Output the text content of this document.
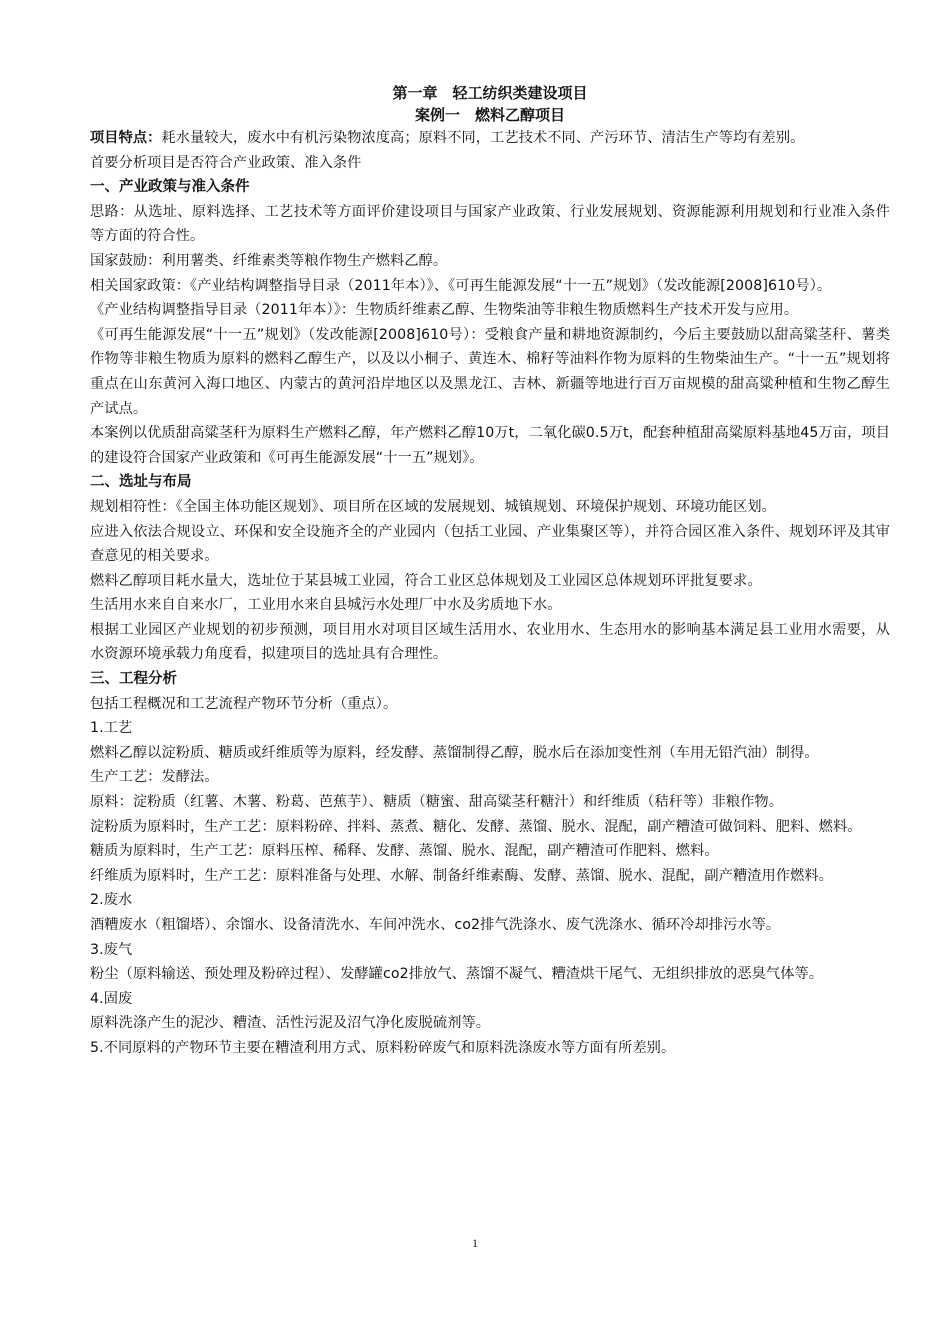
第一章　轻工纺织类建设项目
案例一　燃料乙醇项目

项目特点：耗水量较大，废水中有机污染物浓度高；原料不同，工艺技术不同、产污环节、清洁生产等均有差别。

首要分析项目是否符合产业政策、准入条件

一、产业政策与准入条件

思路：从选址、原料选择、工艺技术等方面评价建设项目与国家产业政策、行业发展规划、资源能源利用规划和行业准入条件等方面的符合性。

国家鼓励：利用薯类、纤维素类等粮作物生产燃料乙醇。

相关国家政策：《产业结构调整指导目录（2011年本）》、《可再生能源发展“十一五”规划》（发改能源[2008]610号）。

《产业结构调整指导目录（2011年本）》：生物质纤维素乙醇、生物柴油等非粮生物质燃料生产技术开发与应用。

《可再生能源发展“十一五”规划》（发改能源[2008]610号）：受粮食产量和耕地资源制约，今后主要鼓励以甜高粱茎秆、薯类作物等非粮生物质为原料的燃料乙醇生产，以及以小桐子、黄连木、棉籽等油料作物为原料的生物柴油生产。“十一五”规划将重点在山东黄河入海口地区、内蒙古的黄河沿岸地区以及黑龙江、吉林、新疆等地进行百万亩规模的甜高粱种植和生物乙醇生产试点。

本案例以优质甜高粱茎秆为原料生产燃料乙醇，年产燃料乙醇10万t，二氧化碳0.5万t，配套种植甜高粱原料基地45万亩，项目的建设符合国家产业政策和《可再生能源发展“十一五”规划》。

二、选址与布局

规划相符性：《全国主体功能区规划》、项目所在区域的发展规划、城镇规划、环境保护规划、环境功能区划。

应进入依法合规设立、环保和安全设施齐全的产业园内（包括工业园、产业集聚区等），并符合园区准入条件、规划环评及其审查意见的相关要求。

燃料乙醇项目耗水量大，选址位于某县城工业园，符合工业区总体规划及工业园区总体规划环评批复要求。

生活用水来自自来水厂，工业用水来自县城污水处理厂中水及劣质地下水。

根据工业园区产业规划的初步预测，项目用水对项目区域生活用水、农业用水、生态用水的影响基本满足县工业用水需要，从水资源环境承载力角度看，拟建项目的选址具有合理性。

三、工程分析

包括工程概况和工艺流程产物环节分析（重点）。

1.工艺

燃料乙醇以淀粉质、糖质或纤维质等为原料，经发酵、蒸馏制得乙醇，脱水后在添加变性剂（车用无铅汽油）制得。

生产工艺：发酵法。

原料：淀粉质（红薯、木薯、粉葛、芭蕉芋）、糖质（糖蜜、甜高粱茎秆糖汁）和纤维质（秸秆等）非粮作物。

淀粉质为原料时，生产工艺：原料粉碎、拌料、蒸煮、糖化、发酵、蒸馏、脱水、混配，副产糟渣可做饲料、肥料、燃料。

糖质为原料时，生产工艺：原料压榨、稀释、发酵、蒸馏、脱水、混配，副产糟渣可作肥料、燃料。

纤维质为原料时，生产工艺：原料准备与处理、水解、制备纤维素酶、发酵、蒸馏、脱水、混配，副产糟渣用作燃料。

2.废水

酒糟废水（粗馏塔）、余馏水、设备清洗水、车间冲洗水、co2排气洗涤水、废气洗涤水、循环冷却排污水等。

3.废气

粉尘（原料输送、预处理及粉碎过程）、发酵罐co2排放气、蒸馏不凝气、糟渣烘干尾气、无组织排放的恶臭气体等。

4.固废

原料洗涤产生的泥沙、糟渣、活性污泥及沼气净化废脱硫剂等。

5.不同原料的产物环节主要在糟渣利用方式、原料粉碎废气和原料洗涤废水等方面有所差别。

1
